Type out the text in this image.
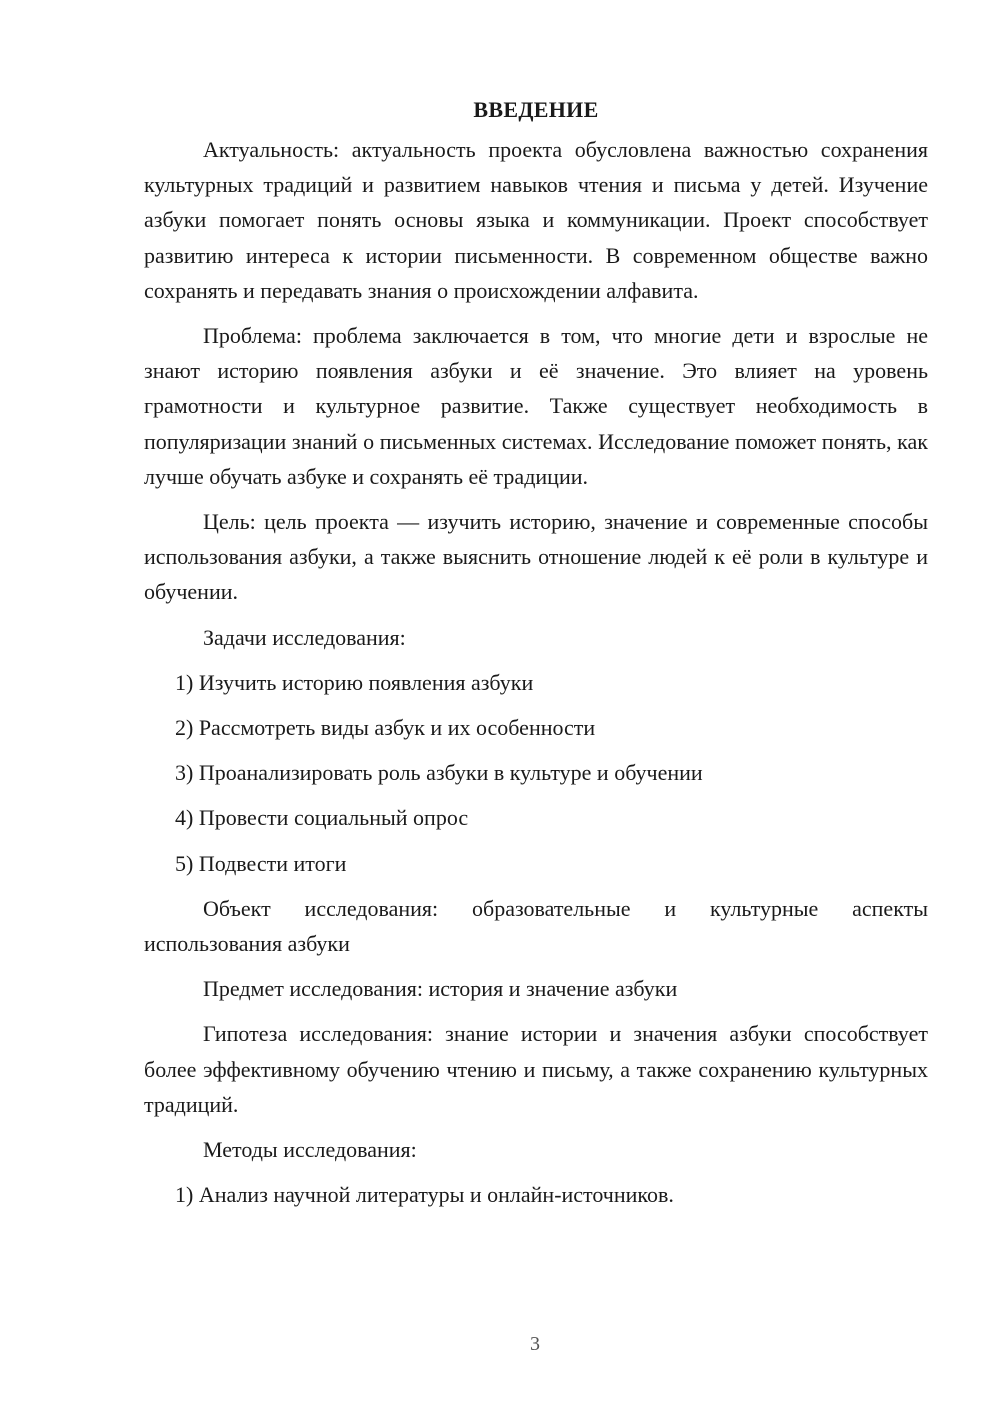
ВВЕДЕНИЕ

Актуальность: актуальность проекта обусловлена важностью сохранения культурных традиций и развитием навыков чтения и письма у детей. Изучение азбуки помогает понять основы языка и коммуникации. Проект способствует развитию интереса к истории письменности. В современном обществе важно сохранять и передавать знания о происхождении алфавита.

Проблема: проблема заключается в том, что многие дети и взрослые не знают историю появления азбуки и её значение. Это влияет на уровень грамотности и культурное развитие. Также существует необходимость в популяризации знаний о письменных системах. Исследование поможет понять, как лучше обучать азбуке и сохранять её традиции.

Цель: цель проекта — изучить историю, значение и современные способы использования азбуки, а также выяснить отношение людей к её роли в культуре и обучении.

Задачи исследования:

1) Изучить историю появления азбуки

2) Рассмотреть виды азбук и их особенности

3) Проанализировать роль азбуки в культуре и обучении

4) Провести социальный опрос

5) Подвести итоги

Объект исследования: образовательные и культурные аспекты использования азбуки

Предмет исследования: история и значение азбуки

Гипотеза исследования: знание истории и значения азбуки способствует более эффективному обучению чтению и письму, а также сохранению культурных традиций.

Методы исследования:

1) Анализ научной литературы и онлайн-источников.

3
